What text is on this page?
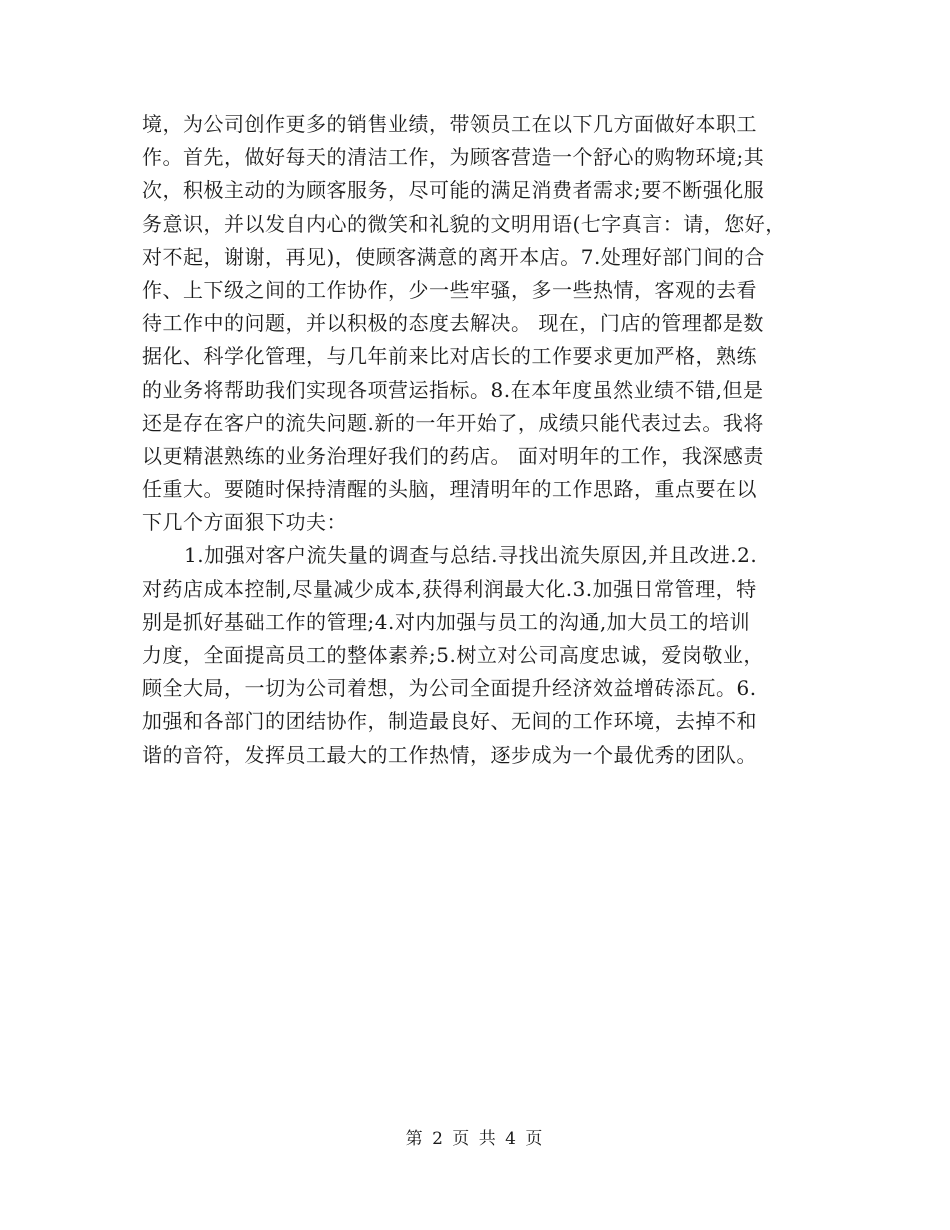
境，为公司创作更多的销售业绩，带领员工在以下几方面做好本职工
作。首先，做好每天的清洁工作，为顾客营造一个舒心的购物环境;其
次，积极主动的为顾客服务，尽可能的满足消费者需求;要不断强化服
务意识，并以发自内心的微笑和礼貌的文明用语(七字真言：请，您好，
对不起，谢谢，再见)，使顾客满意的离开本店。7.处理好部门间的合
作、上下级之间的工作协作，少一些牢骚，多一些热情，客观的去看
待工作中的问题，并以积极的态度去解决。 现在，门店的管理都是数
据化、科学化管理，与几年前来比对店长的工作要求更加严格，熟练
的业务将帮助我们实现各项营运指标。8.在本年度虽然业绩不错,但是
还是存在客户的流失问题.新的一年开始了，成绩只能代表过去。我将
以更精湛熟练的业务治理好我们的药店。 面对明年的工作，我深感责
任重大。要随时保持清醒的头脑，理清明年的工作思路，重点要在以
下几个方面狠下功夫：
1.加强对客户流失量的调查与总结.寻找出流失原因,并且改进.2.
对药店成本控制,尽量减少成本,获得利润最大化.3.加强日常管理，特
别是抓好基础工作的管理;4.对内加强与员工的沟通,加大员工的培训
力度，全面提高员工的整体素养;5.树立对公司高度忠诚，爱岗敬业，
顾全大局，一切为公司着想，为公司全面提升经济效益增砖添瓦。6.
加强和各部门的团结协作，制造最良好、无间的工作环境，去掉不和
谐的音符，发挥员工最大的工作热情，逐步成为一个最优秀的团队。
第 2 页 共 4 页
